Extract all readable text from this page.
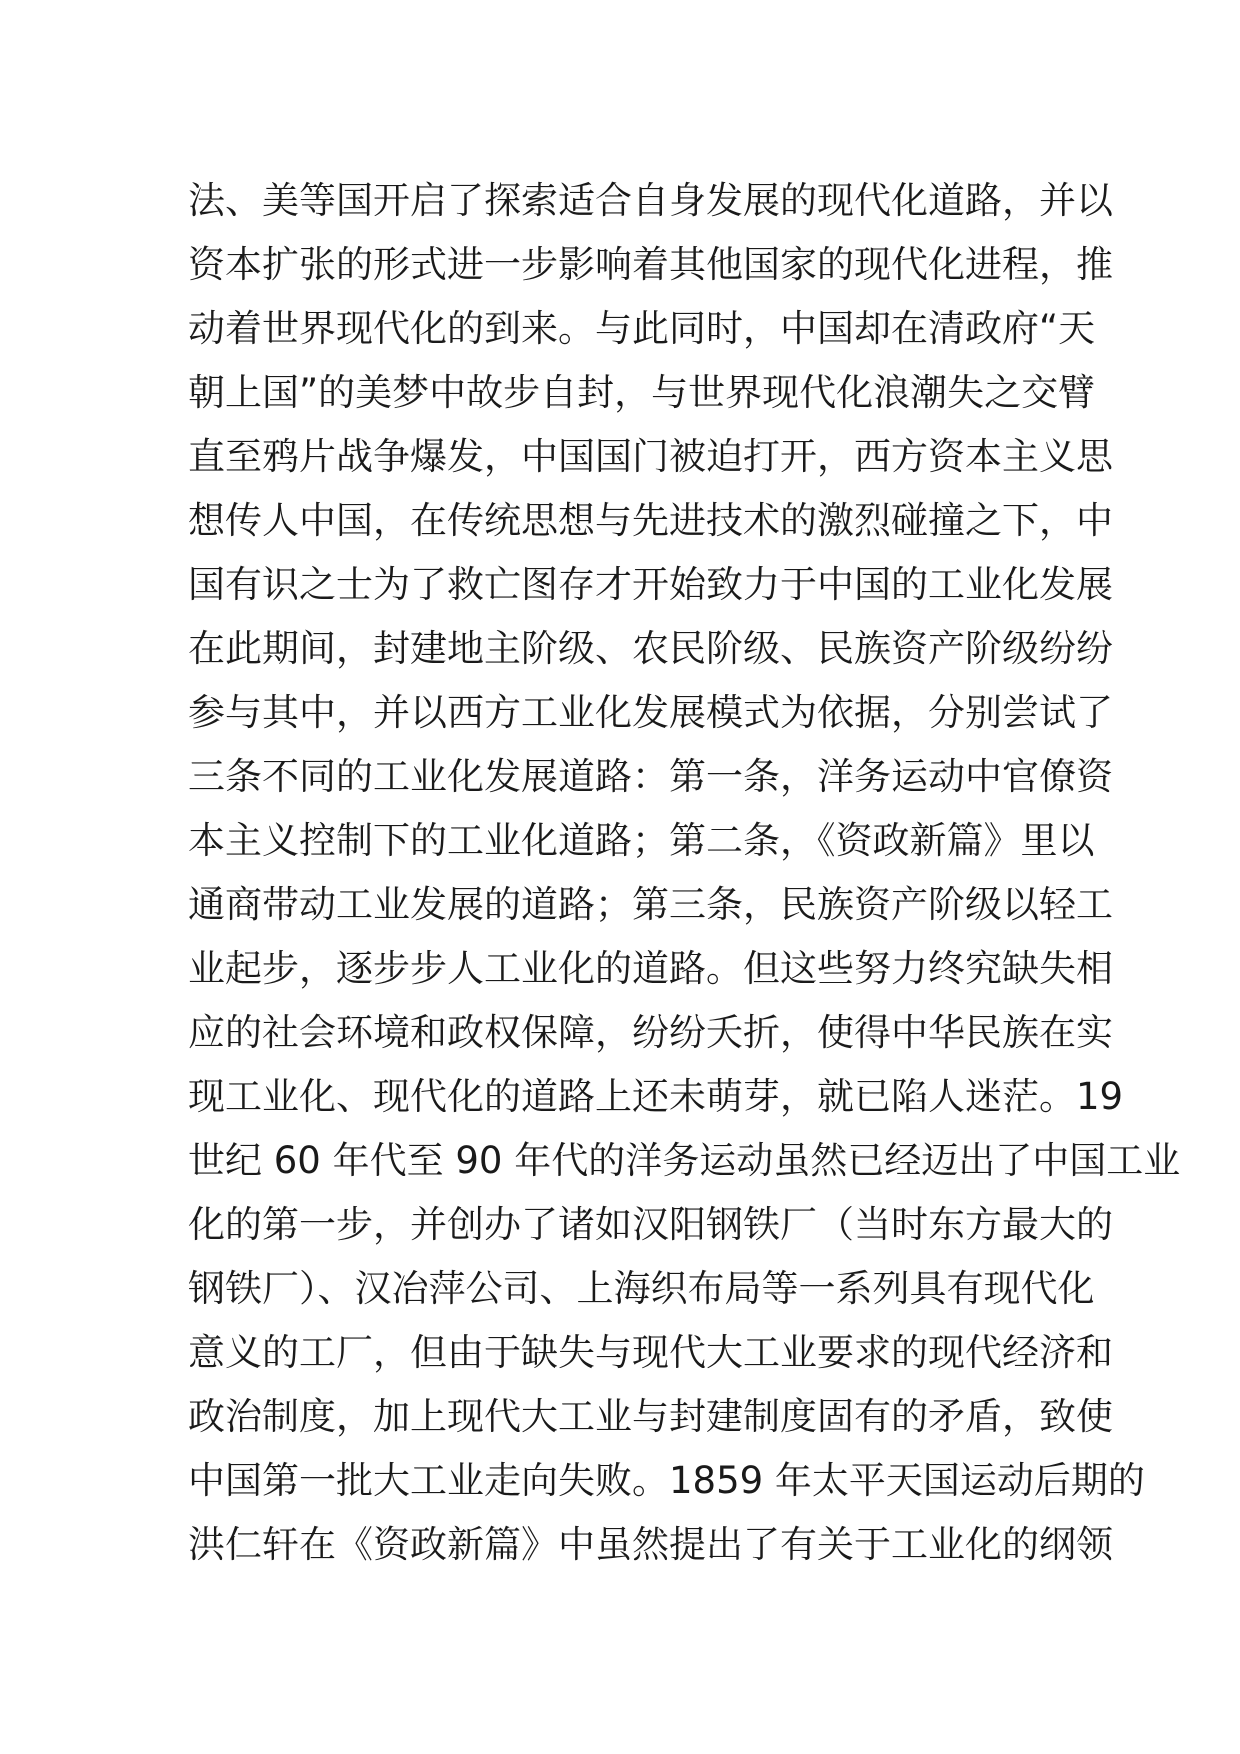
法、美等国开启了探索适合自身发展的现代化道路，并以
资本扩张的形式进一步影响着其他国家的现代化进程，推
动着世界现代化的到来。与此同时，中国却在清政府“天
朝上国”的美梦中故步自封，与世界现代化浪潮失之交臂
直至鸦片战争爆发，中国国门被迫打开，西方资本主义思
想传人中国，在传统思想与先进技术的激烈碰撞之下，中
国有识之士为了救亡图存才开始致力于中国的工业化发展
在此期间，封建地主阶级、农民阶级、民族资产阶级纷纷
参与其中，并以西方工业化发展模式为依据，分别尝试了
三条不同的工业化发展道路：第一条，洋务运动中官僚资
本主义控制下的工业化道路；第二条，《资政新篇》里以
通商带动工业发展的道路；第三条，民族资产阶级以轻工
业起步，逐步步人工业化的道路。但这些努力终究缺失相
应的社会环境和政权保障，纷纷夭折，使得中华民族在实
现工业化、现代化的道路上还未萌芽，就已陷人迷茫。19
世纪 60 年代至 90 年代的洋务运动虽然已经迈出了中国工业
化的第一步，并创办了诸如汉阳钢铁厂（当时东方最大的
钢铁厂）、汉冶萍公司、上海织布局等一系列具有现代化
意义的工厂，但由于缺失与现代大工业要求的现代经济和
政治制度，加上现代大工业与封建制度固有的矛盾，致使
中国第一批大工业走向失败。1859 年太平天国运动后期的
洪仁轩在《资政新篇》中虽然提出了有关于工业化的纲领
